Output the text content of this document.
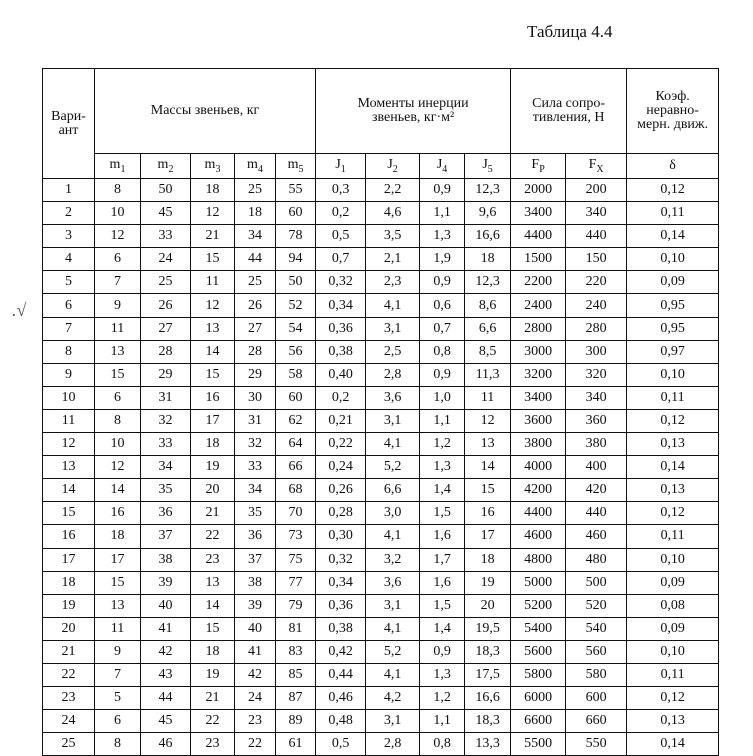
Таблица 4.4
.√
Вари-
ант	Массы звеньев, кг					Моменты инерции звеньев, кг·м²				Сила сопро-тивления, Н		Коэф. неравно-мерн. движ.
	$m_1$	$m_2$	$m_3$	$m_4$	$m_5$	$J_1$	$J_2$	$J_4$	$J_5$	$F_P$	$F_X$	δ
1	8	50	18	25	55	0,3	2,2	0,9	12,3	2000	200	0,12
2	10	45	12	18	60	0,2	4,6	1,1	9,6	3400	340	0,11
3	12	33	21	34	78	0,5	3,5	1,3	16,6	4400	440	0,14
4	6	24	15	44	94	0,7	2,1	1,9	18	1500	150	0,10
5	7	25	11	25	50	0,32	2,3	0,9	12,3	2200	220	0,09
6	9	26	12	26	52	0,34	4,1	0,6	8,6	2400	240	0,95
7	11	27	13	27	54	0,36	3,1	0,7	6,6	2800	280	0,95
8	13	28	14	28	56	0,38	2,5	0,8	8,5	3000	300	0,97
9	15	29	15	29	58	0,40	2,8	0,9	11,3	3200	320	0,10
10	6	31	16	30	60	0,2	3,6	1,0	11	3400	340	0,11
11	8	32	17	31	62	0,21	3,1	1,1	12	3600	360	0,12
12	10	33	18	32	64	0,22	4,1	1,2	13	3800	380	0,13
13	12	34	19	33	66	0,24	5,2	1,3	14	4000	400	0,14
14	14	35	20	34	68	0,26	6,6	1,4	15	4200	420	0,13
15	16	36	21	35	70	0,28	3,0	1,5	16	4400	440	0,12
16	18	37	22	36	73	0,30	4,1	1,6	17	4600	460	0,11
17	17	38	23	37	75	0,32	3,2	1,7	18	4800	480	0,10
18	15	39	13	38	77	0,34	3,6	1,6	19	5000	500	0,09
19	13	40	14	39	79	0,36	3,1	1,5	20	5200	520	0,08
20	11	41	15	40	81	0,38	4,1	1,4	19,5	5400	540	0,09
21	9	42	18	41	83	0,42	5,2	0,9	18,3	5600	560	0,10
22	7	43	19	42	85	0,44	4,1	1,3	17,5	5800	580	0,11
23	5	44	21	24	87	0,46	4,2	1,2	16,6	6000	600	0,12
24	6	45	22	23	89	0,48	3,1	1,1	18,3	6600	660	0,13
25	8	46	23	22	61	0,5	2,8	0,8	13,3	5500	550	0,14
